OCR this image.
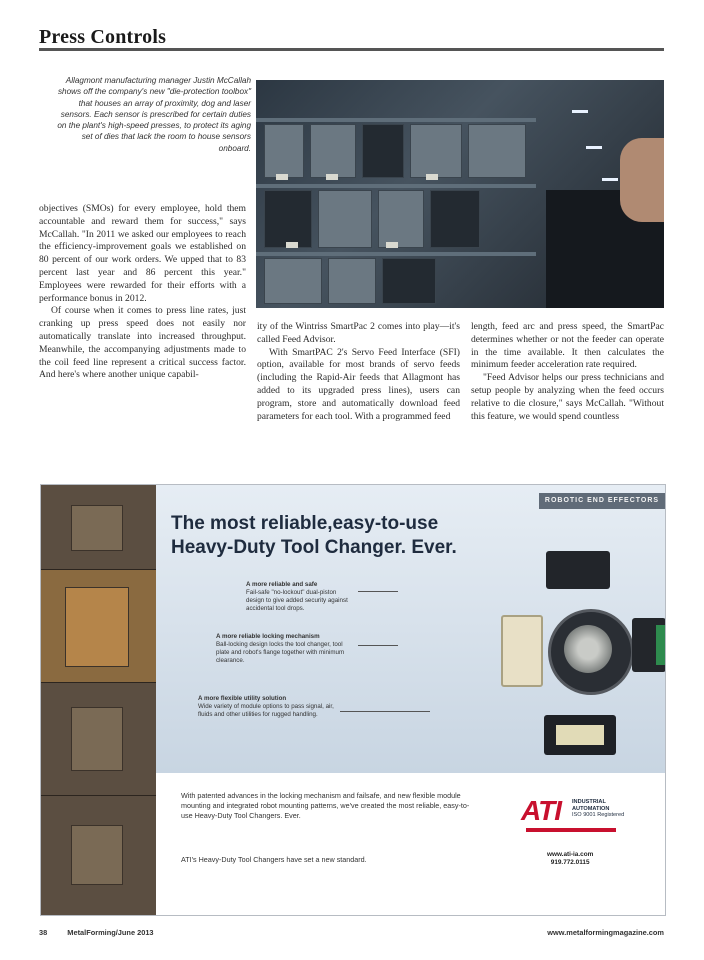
Press Controls
Allagmont manufacturing manager Justin McCallah shows off the company's new "die-protection toolbox" that houses an array of proximity, dog and laser sensors. Each sensor is prescribed for certain duties on the plant's high-speed presses, to protect its aging set of dies that lack the room to house sensors onboard.

objectives (SMOs) for every employee, hold them accountable and reward them for success," says McCallah. "In 2011 we asked our employees to reach the efficiency-improvement goals we established on 80 percent of our work orders. We upped that to 83 percent last year and 86 percent this year." Employees were rewarded for their efforts with a performance bonus in 2012.

Of course when it comes to press line rates, just cranking up press speed does not easily nor automatically translate into increased throughput. Meanwhile, the accompanying adjustments made to the coil feed line represent a critical success factor. And here's where another unique capabil-

ity of the Wintriss SmartPac 2 comes into play—it's called Feed Advisor.

With SmartPAC 2's Servo Feed Interface (SFI) option, available for most brands of servo feeds (including the Rapid-Air feeds that Allagmont has added to its upgraded press lines), users can program, store and automatically download feed parameters for each tool. With a programmed feed

length, feed arc and press speed, the SmartPac determines whether or not the feeder can operate in the time available. It then calculates the minimum feeder acceleration rate required.

"Feed Advisor helps our press technicians and setup people by analyzing when the feed occurs relative to die closure," says McCallah. "Without this feature, we would spend countless

ROBOTIC END EFFECTORS
The most reliable,easy-to-use Heavy-Duty Tool Changer. Ever.
A more reliable and safe
Fail-safe "no-lockout" dual-piston design to give added security against accidental tool drops.
A more reliable locking mechanism
Ball-locking design locks the tool changer, tool plate and robot's flange together with minimum clearance.
A more flexible utility solution
Wide variety of module options to pass signal, air, fluids and other utilities for rugged handling.
With patented advances in the locking mechanism and failsafe, and new flexible module mounting and integrated robot mounting patterns, we've created the most reliable, easy-to-use Heavy-Duty Tool Changers. Ever.
ATI's Heavy-Duty Tool Changers have set a new standard.
ATI INDUSTRIAL
AUTOMATION
ISO 9001 Registered
www.ati-ia.com
919.772.0115
38	MetalForming/June 2013	www.metalformingmagazine.com
